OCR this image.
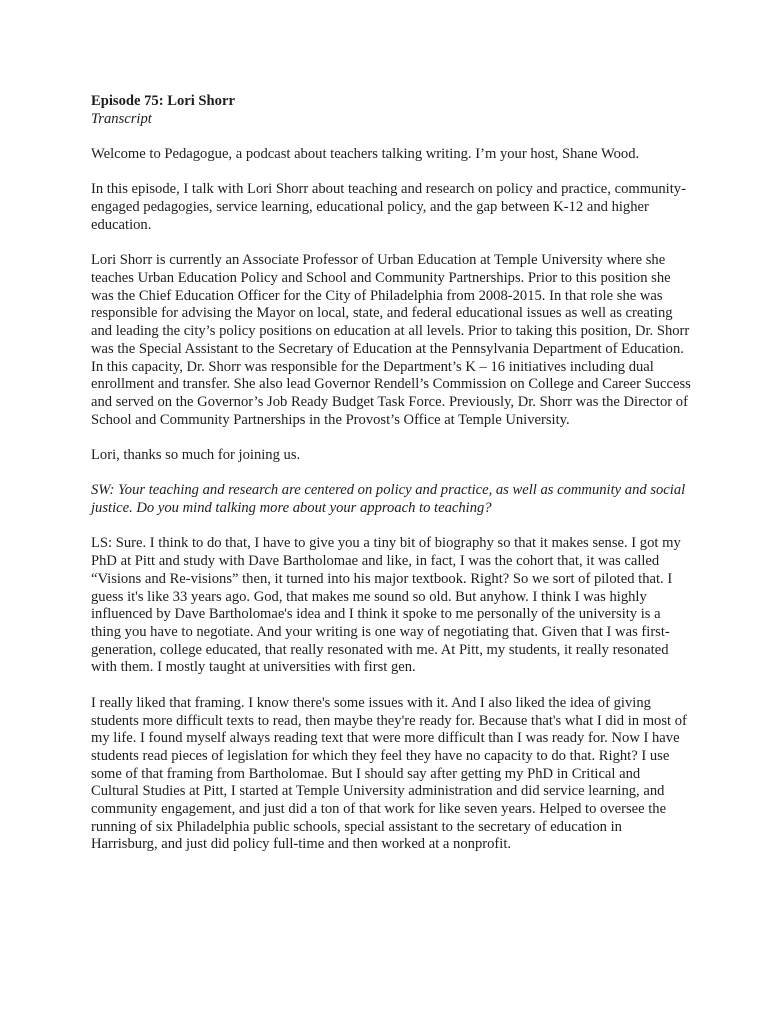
Episode 75: Lori Shorr
Transcript

Welcome to Pedagogue, a podcast about teachers talking writing. I’m your host, Shane Wood.

In this episode, I talk with Lori Shorr about teaching and research on policy and practice, community-engaged pedagogies, service learning, educational policy, and the gap between K-12 and higher education.

Lori Shorr is currently an Associate Professor of Urban Education at Temple University where she teaches Urban Education Policy and School and Community Partnerships. Prior to this position she was the Chief Education Officer for the City of Philadelphia from 2008-2015. In that role she was responsible for advising the Mayor on local, state, and federal educational issues as well as creating and leading the city’s policy positions on education at all levels. Prior to taking this position, Dr. Shorr was the Special Assistant to the Secretary of Education at the Pennsylvania Department of Education. In this capacity, Dr. Shorr was responsible for the Department’s K – 16 initiatives including dual enrollment and transfer. She also lead Governor Rendell’s Commission on College and Career Success and served on the Governor’s Job Ready Budget Task Force. Previously, Dr. Shorr was the Director of School and Community Partnerships in the Provost’s Office at Temple University.

Lori, thanks so much for joining us.

SW: Your teaching and research are centered on policy and practice, as well as community and social justice. Do you mind talking more about your approach to teaching?

LS: Sure. I think to do that, I have to give you a tiny bit of biography so that it makes sense. I got my PhD at Pitt and study with Dave Bartholomae and like, in fact, I was the cohort that, it was called “Visions and Re-visions” then, it turned into his major textbook. Right? So we sort of piloted that. I guess it's like 33 years ago. God, that makes me sound so old. But anyhow. I think I was highly influenced by Dave Bartholomae's idea and I think it spoke to me personally of the university is a thing you have to negotiate. And your writing is one way of negotiating that. Given that I was first-generation, college educated, that really resonated with me. At Pitt, my students, it really resonated with them. I mostly taught at universities with first gen.

I really liked that framing. I know there's some issues with it. And I also liked the idea of giving students more difficult texts to read, then maybe they're ready for. Because that's what I did in most of my life. I found myself always reading text that were more difficult than I was ready for. Now I have students read pieces of legislation for which they feel they have no capacity to do that. Right? I use some of that framing from Bartholomae. But I should say after getting my PhD in Critical and Cultural Studies at Pitt, I started at Temple University administration and did service learning, and community engagement, and just did a ton of that work for like seven years. Helped to oversee the running of six Philadelphia public schools, special assistant to the secretary of education in Harrisburg, and just did policy full-time and then worked at a nonprofit.
